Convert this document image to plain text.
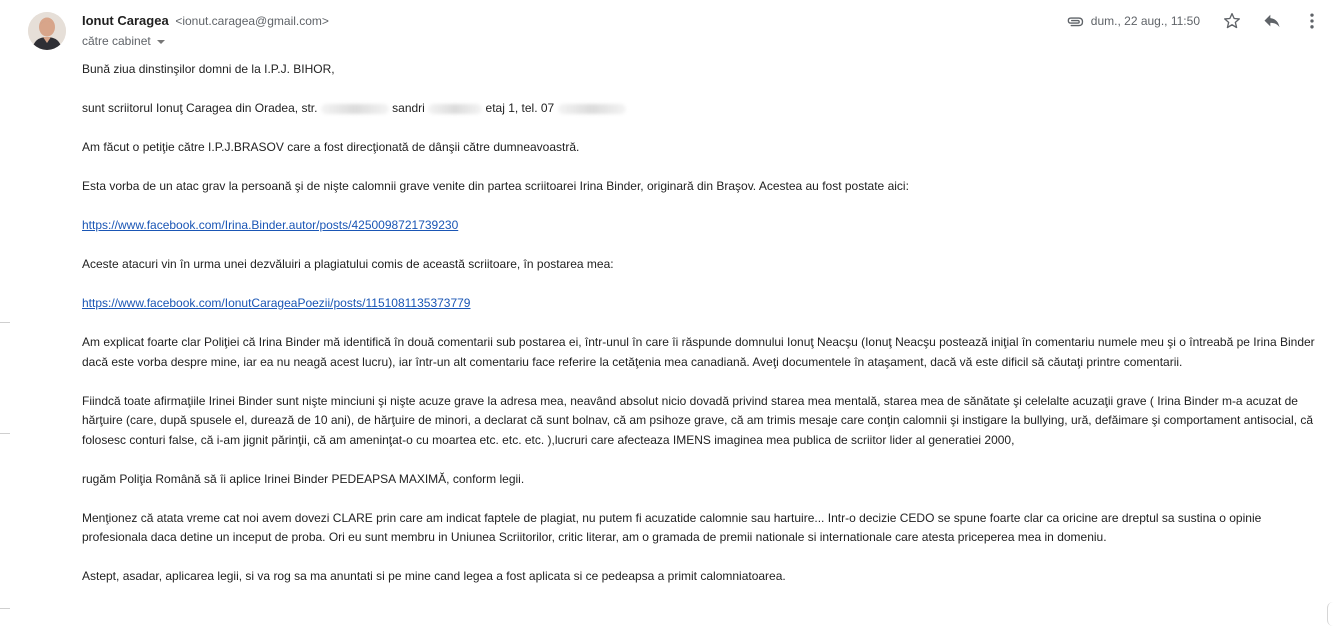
Ionut Caragea <ionut.caragea@gmail.com>
către cabinet
dum., 22 aug., 11:50

Bună ziua dinstinşilor domni de la I.P.J. BIHOR,

sunt scriitorul Ionuţ Caragea din Oradea, str.	sandri	etaj 1, tel. 07

Am făcut o petiţie către I.P.J.BRASOV care a fost direcţionată de dânşii către dumneavoastră.

Esta vorba de un atac grav la persoană şi de nişte calomnii grave venite din partea scriitoarei Irina Binder, originară din Braşov. Acestea au fost postate aici:

https://www.facebook.com/Irina.Binder.autor/posts/4250098721739230

Aceste atacuri vin în urma unei dezvăluiri a plagiatului comis de această scriitoare, în postarea mea:

https://www.facebook.com/IonutCarageaPoezii/posts/1151081135373779

Am explicat foarte clar Poliţiei că Irina Binder mă identifică în două comentarii sub postarea ei, într-unul în care îi răspunde domnului Ionuţ Neacşu (Ionuţ Neacşu postează iniţial în comentariu numele meu şi o întreabă pe Irina Binder dacă este vorba despre mine, iar ea nu neagă acest lucru), iar într-un alt comentariu face referire la cetăţenia mea canadiană. Aveţi documentele în ataşament, dacă vă este dificil să căutaţi printre comentarii.

Fiindcă toate afirmaţiile Irinei Binder sunt nişte minciuni şi nişte acuze grave la adresa mea, neavând absolut nicio dovadă privind starea mea mentală, starea mea de sănătate şi celelalte acuzaţii grave ( Irina Binder m-a acuzat de hărţuire (care, după spusele el, durează de 10 ani), de hărţuire de minori, a declarat că sunt bolnav, că am psihoze grave, că am trimis mesaje care conţin calomnii şi instigare la bullying, ură, defăimare şi comportament antisocial, că folosesc conturi false, că i-am jignit părinţii, că am ameninţat-o cu moartea etc. etc. etc. ),lucruri care afecteaza IMENS imaginea mea publica de scriitor lider al generatiei 2000,

rugăm Poliţia Română să îi aplice Irinei Binder PEDEAPSA MAXIMĂ, conform legii.

Menţionez că atata vreme cat noi avem dovezi CLARE prin care am indicat faptele de plagiat, nu putem fi acuzatide calomnie sau hartuire... Intr-o decizie CEDO se spune foarte clar ca oricine are dreptul sa sustina o opinie profesionala daca detine un inceput de proba. Ori eu sunt membru in Uniunea Scriitorilor, critic literar, am o gramada de premii nationale si internationale care atesta priceperea mea in domeniu.

Astept, asadar, aplicarea legii, si va rog sa ma anuntati si pe mine cand legea a fost aplicata si ce pedeapsa a primit calomniatoarea.
